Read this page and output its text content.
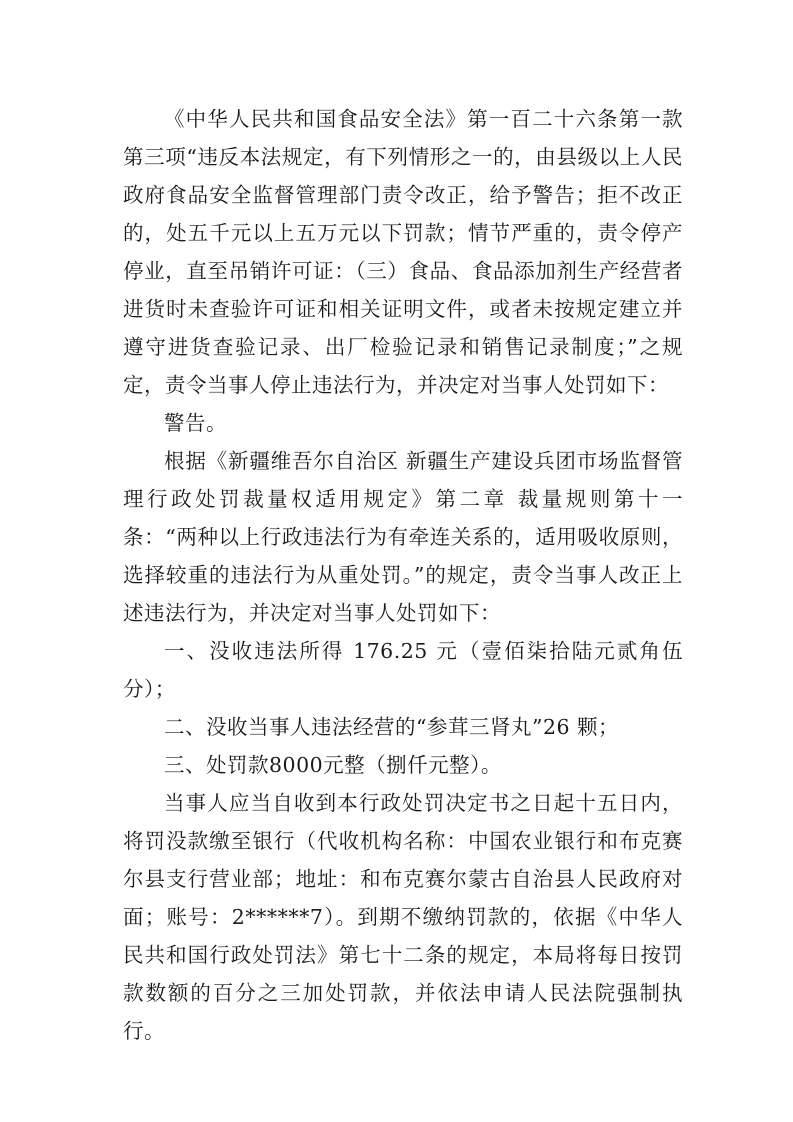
《中华人民共和国食品安全法》第一百二十六条第一款第三项“违反本法规定，有下列情形之一的，由县级以上人民政府食品安全监督管理部门责令改正，给予警告；拒不改正的，处五千元以上五万元以下罚款；情节严重的，责令停产停业，直至吊销许可证：（三）食品、食品添加剂生产经营者进货时未查验许可证和相关证明文件，或者未按规定建立并遵守进货查验记录、出厂检验记录和销售记录制度；”之规定，责令当事人停止违法行为，并决定对当事人处罚如下：

警告。

根据《新疆维吾尔自治区 新疆生产建设兵团市场监督管理行政处罚裁量权适用规定》第二章 裁量规则第十一条：“两种以上行政违法行为有牵连关系的，适用吸收原则，选择较重的违法行为从重处罚。”的规定，责令当事人改正上述违法行为，并决定对当事人处罚如下：

一、没收违法所得 176.25 元（壹佰柒拾陆元贰角伍分）；

二、没收当事人违法经营的“参茸三肾丸”26 颗；

三、处罚款8000元整（捌仟元整）。

当事人应当自收到本行政处罚决定书之日起十五日内，将罚没款缴至银行（代收机构名称：中国农业银行和布克赛尔县支行营业部；地址：和布克赛尔蒙古自治县人民政府对面；账号：2******7）。到期不缴纳罚款的，依据《中华人民共和国行政处罚法》第七十二条的规定，本局将每日按罚款数额的百分之三加处罚款，并依法申请人民法院强制执行。
